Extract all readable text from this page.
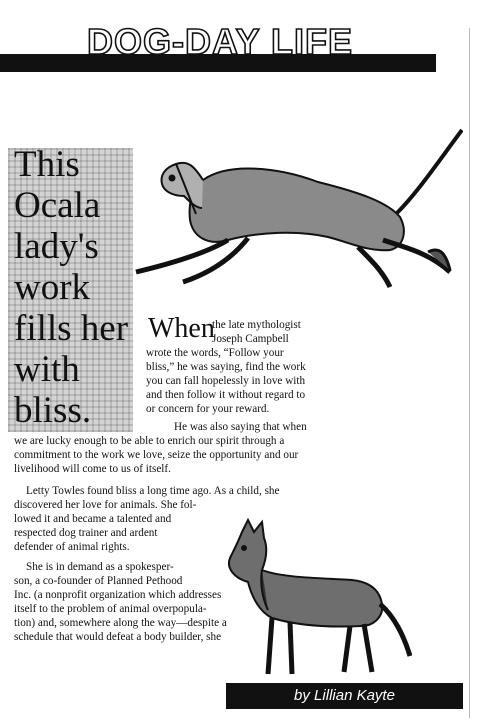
DOG-DAY LIFE
This
Ocala
lady's
work
fills her
with
bliss.

When

the late mythologist
Joseph Campbell

wrote the words, “Follow your
bliss,” he was saying, find the work
you can fall hopelessly in love with
and then follow it without regard to
or concern for your reward.

He was also saying that when
we are lucky enough to be able to enrich our spirit through a
commitment to the work we love, seize the opportunity and our
livelihood will come to us of itself.

Letty Towles found bliss a long time ago. As a child, she
discovered her love for animals. She fol-
lowed it and became a talented and
respected dog trainer and ardent
defender of animal rights.

She is in demand as a spokesper-
son, a co-founder of Planned Pethood
Inc. (a nonprofit organization which addresses
itself to the problem of animal overpopula-
tion) and, somewhere along the way—despite a
schedule that would defeat a body builder, she

by Lillian Kayte
